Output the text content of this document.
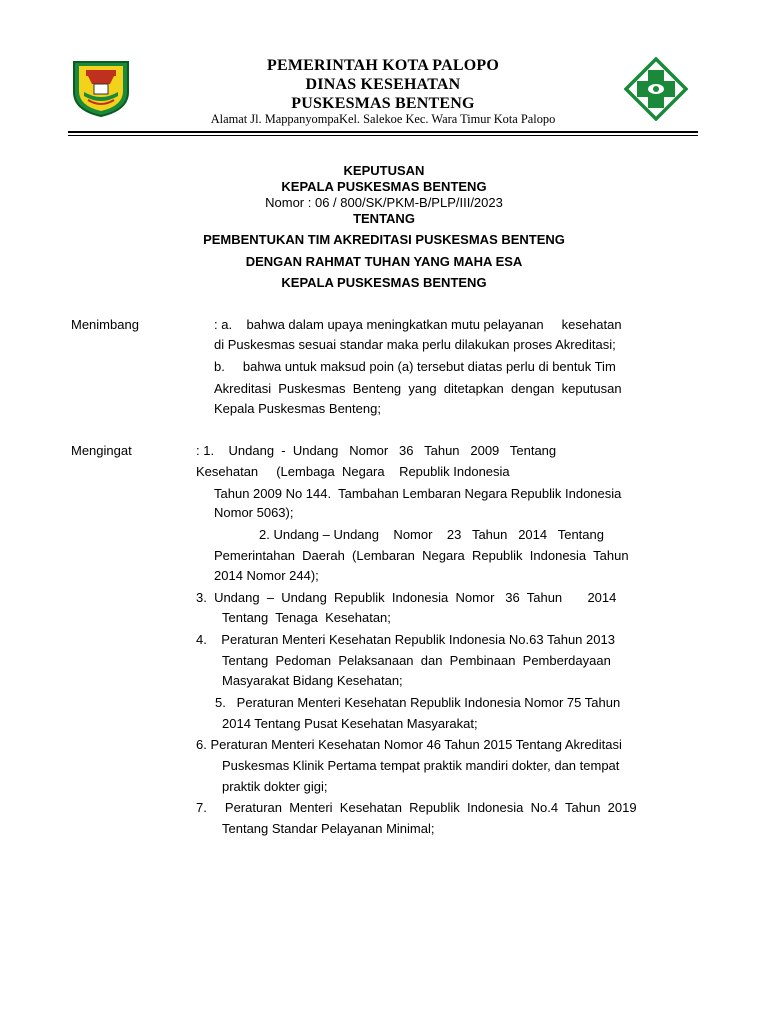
PEMERINTAH KOTA PALOPO
DINAS KESEHATAN
PUSKESMAS BENTENG
Alamat Jl. MappanyompaKel. Salekoe Kec. Wara Timur Kota Palopo
KEPUTUSAN
KEPALA PUSKESMAS BENTENG
Nomor : 06 / 800/SK/PKM-B/PLP/III/2023
TENTANG
PEMBENTUKAN TIM AKREDITASI PUSKESMAS BENTENG
DENGAN RAHMAT TUHAN YANG MAHA ESA
KEPALA PUSKESMAS BENTENG
Menimbang	: a.    bahwa dalam upaya meningkatkan mutu pelayanan     kesehatan
di Puskesmas sesuai standar maka perlu dilakukan proses Akreditasi;
b.     bahwa untuk maksud poin (a) tersebut diatas perlu di bentuk Tim
Akreditasi  Puskesmas  Benteng  yang  ditetapkan  dengan  keputusan
Kepala Puskesmas Benteng;
Mengingat	: 1.    Undang  -  Undang   Nomor   36   Tahun   2009   Tentang
Kesehatan     (Lembaga  Negara    Republik Indonesia
Tahun 2009 No 144.  Tambahan Lembaran Negara Republik Indonesia
Nomor 5063);
2. Undang – Undang    Nomor    23   Tahun   2014   Tentang
Pemerintahan  Daerah  (Lembaran  Negara  Republik  Indonesia  Tahun
2014 Nomor 244);
3.  Undang  –  Undang  Republik  Indonesia  Nomor   36  Tahun       2014
Tentang  Tenaga  Kesehatan;
4.    Peraturan Menteri Kesehatan Republik Indonesia No.63 Tahun 2013
Tentang  Pedoman  Pelaksanaan  dan  Pembinaan  Pemberdayaan
Masyarakat Bidang Kesehatan;
5.   Peraturan Menteri Kesehatan Republik Indonesia Nomor 75 Tahun
2014 Tentang Pusat Kesehatan Masyarakat;
6. Peraturan Menteri Kesehatan Nomor 46 Tahun 2015 Tentang Akreditasi
Puskesmas Klinik Pertama tempat praktik mandiri dokter, dan tempat
praktik dokter gigi;
7.     Peraturan  Menteri  Kesehatan  Republik  Indonesia  No.4  Tahun  2019
Tentang Standar Pelayanan Minimal;
